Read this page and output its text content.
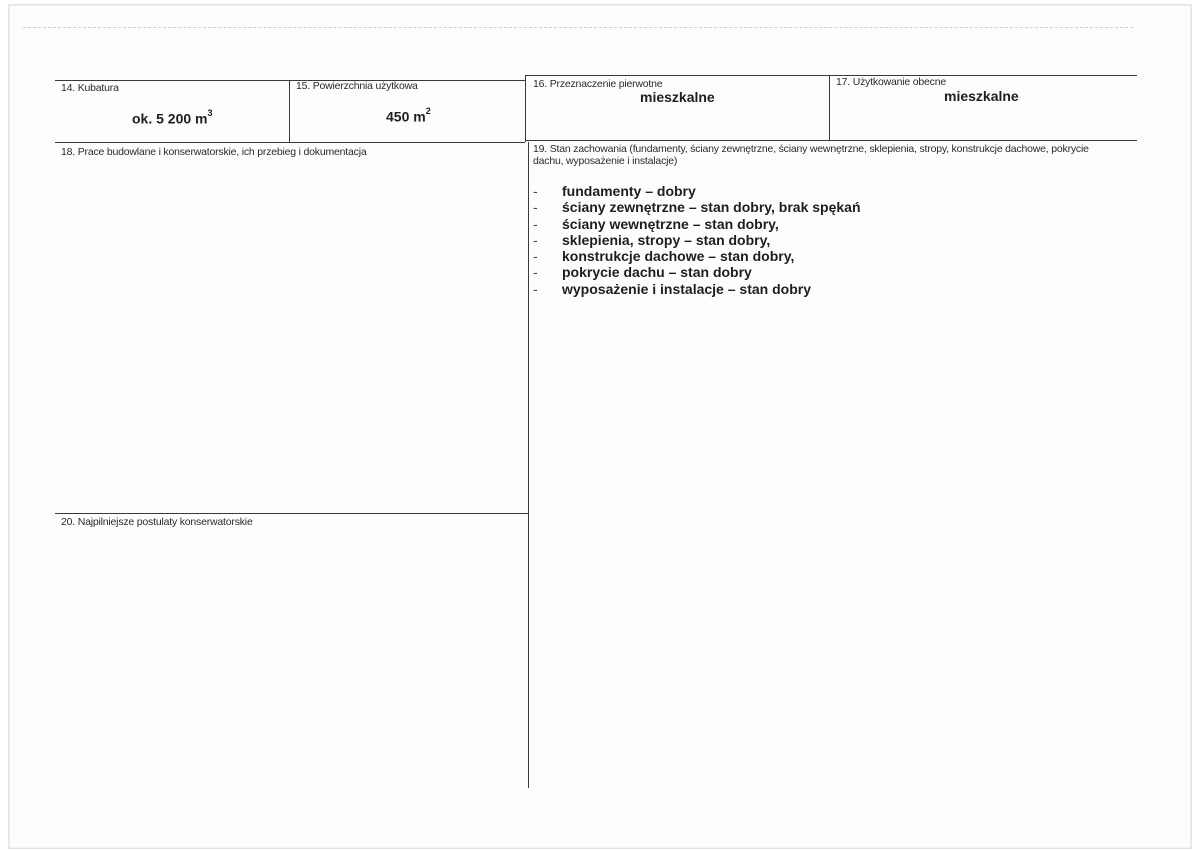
14. Kubatura
ok. 5 200 $m^3$
15. Powierzchnia użytkowa
450 $m^2$
16. Przeznaczenie pierwotne
mieszkalne
17. Użytkowanie obecne
mieszkalne
18. Prace budowlane i konserwatorskie, ich przebieg i dokumentacja	19. Stan zachowania (fundamenty, ściany zewnętrzne, ściany wewnętrzne, sklepienia, stropy, konstrukcje dachowe, pokrycie dachu, wyposażenie i instalacje)
- fundamenty – dobry
- ściany zewnętrzne – stan dobry, brak spękań
- ściany wewnętrzne – stan dobry,
- sklepienia, stropy – stan dobry,
- konstrukcje dachowe – stan dobry,
- pokrycie dachu – stan dobry
- wyposażenie i instalacje – stan dobry
20. Najpilniejsze postulaty konserwatorskie
